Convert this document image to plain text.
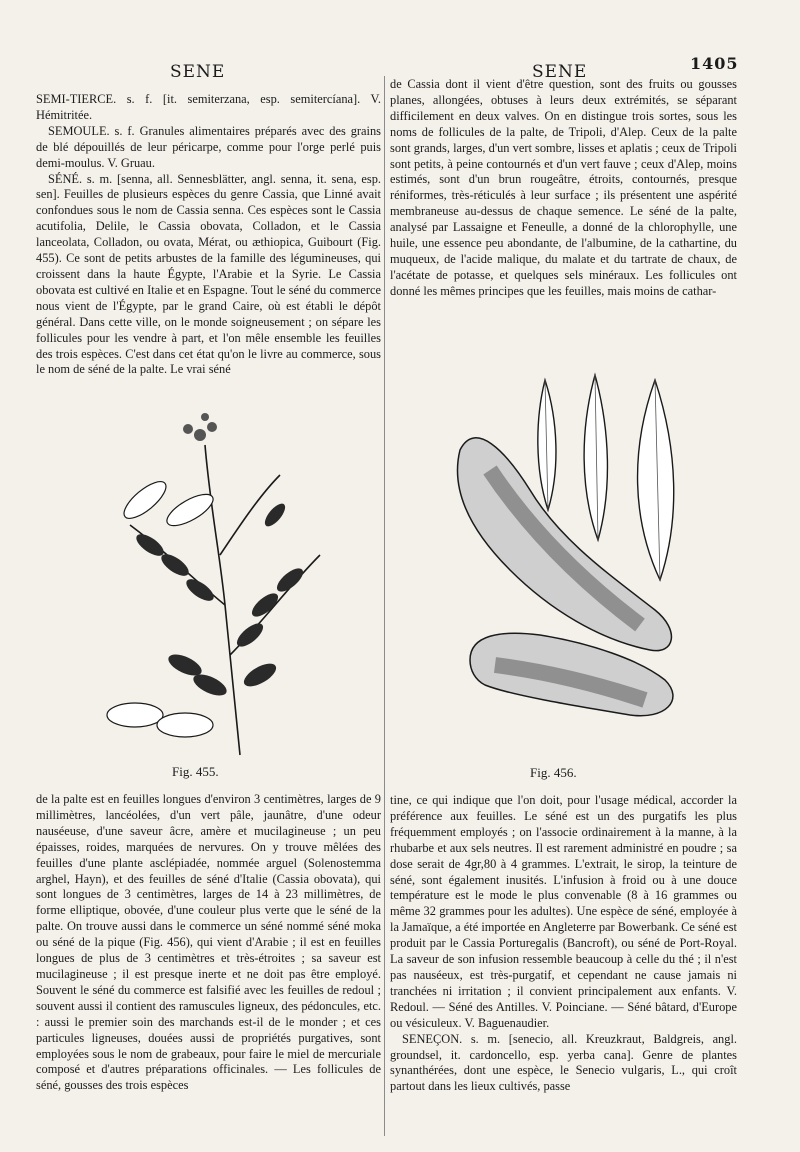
SENE	SENE	1405

SEMI-TIERCE. s. f. [it. semiterzana, esp. semitercíana]. V. Hémitritée.

SEMOULE. s. f. Granules alimentaires préparés avec des grains de blé dépouillés de leur péricarpe, comme pour l'orge perlé puis demi-moulus. V. Gruau.

SÉNÉ. s. m. [senna, all. Sennesblätter, angl. senna, it. sena, esp. sen]. Feuilles de plusieurs espèces du genre Cassia, que Linné avait confondues sous le nom de Cassia senna. Ces espèces sont le Cassia acutifolia, Delile, le Cassia obovata, Colladon, et le Cassia lanceolata, Colladon, ou ovata, Mérat, ou æthiopica, Guibourt (Fig. 455). Ce sont de petits arbustes de la famille des légumineuses, qui croissent dans la haute Égypte, l'Arabie et la Syrie. Le Cassia obovata est cultivé en Italie et en Espagne. Tout le séné du commerce nous vient de l'Égypte, par le grand Caire, où est établi le dépôt général. Dans cette ville, on le monde soigneusement ; on sépare les follicules pour les vendre à part, et l'on mêle ensemble les feuilles des trois espèces. C'est dans cet état qu'on le livre au commerce, sous le nom de séné de la palte. Le vrai séné

Fig. 455.

de la palte est en feuilles longues d'environ 3 centimètres, larges de 9 millimètres, lancéolées, d'un vert pâle, jaunâtre, d'une odeur nauséeuse, d'une saveur âcre, amère et mucilagineuse ; un peu épaisses, roides, marquées de nervures. On y trouve mêlées des feuilles d'une plante asclépiadée, nommée arguel (Solenostemma arghel, Hayn), et des feuilles de séné d'Italie (Cassia obovata), qui sont longues de 3 centimètres, larges de 14 à 23 millimètres, de forme elliptique, obovée, d'une couleur plus verte que le séné de la palte. On trouve aussi dans le commerce un séné nommé séné moka ou séné de la pique (Fig. 456), qui vient d'Arabie ; il est en feuilles longues de plus de 3 centimètres et très-étroites ; sa saveur est mucilagineuse ; il est presque inerte et ne doit pas être employé. Souvent le séné du commerce est falsifié avec les feuilles de redoul ; souvent aussi il contient des ramuscules ligneux, des pédoncules, etc. : aussi le premier soin des marchands est-il de le monder ; et ces particules ligneuses, douées aussi de propriétés purgatives, sont employées sous le nom de grabeaux, pour faire le miel de mercuriale composé et d'autres préparations officinales. — Les follicules de séné, gousses des trois espèces

de Cassia dont il vient d'être question, sont des fruits ou gousses planes, allongées, obtuses à leurs deux extrémités, se séparant difficilement en deux valves. On en distingue trois sortes, sous les noms de follicules de la palte, de Tripoli, d'Alep. Ceux de la palte sont grands, larges, d'un vert sombre, lisses et aplatis ; ceux de Tripoli sont petits, à peine contournés et d'un vert fauve ; ceux d'Alep, moins estimés, sont d'un brun rougeâtre, étroits, contournés, presque réniformes, très-réticulés à leur surface ; ils présentent une aspérité membraneuse au-dessus de chaque semence. Le séné de la palte, analysé par Lassaigne et Feneulle, a donné de la chlorophylle, une huile, une essence peu abondante, de l'albumine, de la cathartine, du muqueux, de l'acide malique, du malate et du tartrate de chaux, de l'acétate de potasse, et quelques sels minéraux. Les follicules ont donné les mêmes principes que les feuilles, mais moins de cathar-

Fig. 456.

tine, ce qui indique que l'on doit, pour l'usage médical, accorder la préférence aux feuilles. Le séné est un des purgatifs les plus fréquemment employés ; on l'associe ordinairement à la manne, à la rhubarbe et aux sels neutres. Il est rarement administré en poudre ; sa dose serait de 4gr,80 à 4 grammes. L'extrait, le sirop, la teinture de séné, sont également inusités. L'infusion à froid ou à une douce température est le mode le plus convenable (8 à 16 grammes ou même 32 grammes pour les adultes). Une espèce de séné, employée à la Jamaïque, a été importée en Angleterre par Bowerbank. Ce séné est produit par le Cassia Porturegalis (Bancroft), ou séné de Port-Royal. La saveur de son infusion ressemble beaucoup à celle du thé ; il n'est pas nauséeux, est très-purgatif, et cependant ne cause jamais ni tranchées ni irritation ; il convient principalement aux enfants. V. Redoul. — Séné des Antilles. V. Poinciane. — Séné bâtard, d'Europe ou vésiculeux. V. Baguenaudier.

SENEÇON. s. m. [senecio, all. Kreuzkraut, Baldgreis, angl. groundsel, it. cardoncello, esp. yerba cana]. Genre de plantes synanthérées, dont une espèce, le Senecio vulgaris, L., qui croît partout dans les lieux cultivés, passe
